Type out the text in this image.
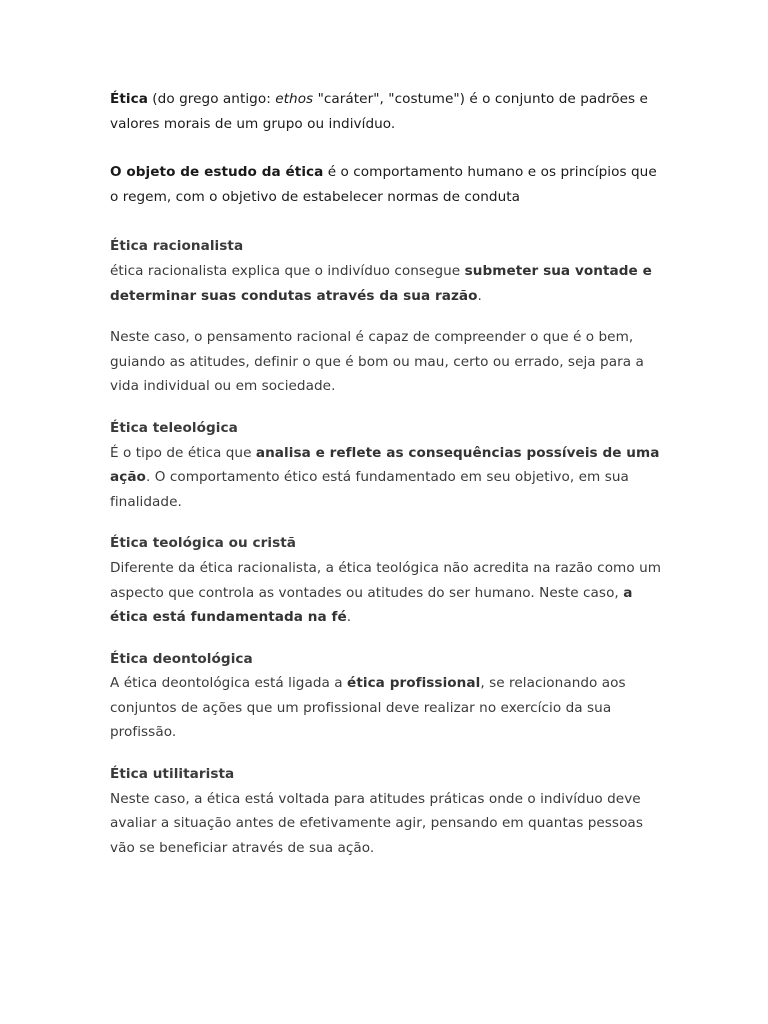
Ética (do grego antigo: ethos "caráter", "costume") é o conjunto de padrões e valores morais de um grupo ou indivíduo.

O objeto de estudo da ética é o comportamento humano e os princípios que o regem, com o objetivo de estabelecer normas de conduta

Ética racionalista

ética racionalista explica que o indivíduo consegue submeter sua vontade e determinar suas condutas através da sua razão.

Neste caso, o pensamento racional é capaz de compreender o que é o bem, guiando as atitudes, definir o que é bom ou mau, certo ou errado, seja para a vida individual ou em sociedade.

Ética teleológica

É o tipo de ética que analisa e reflete as consequências possíveis de uma ação. O comportamento ético está fundamentado em seu objetivo, em sua finalidade.

Ética teológica ou cristã

Diferente da ética racionalista, a ética teológica não acredita na razão como um aspecto que controla as vontades ou atitudes do ser humano. Neste caso, a ética está fundamentada na fé.

Ética deontológica

A ética deontológica está ligada a ética profissional, se relacionando aos conjuntos de ações que um profissional deve realizar no exercício da sua profissão.

Ética utilitarista

Neste caso, a ética está voltada para atitudes práticas onde o indivíduo deve avaliar a situação antes de efetivamente agir, pensando em quantas pessoas vão se beneficiar através de sua ação.
